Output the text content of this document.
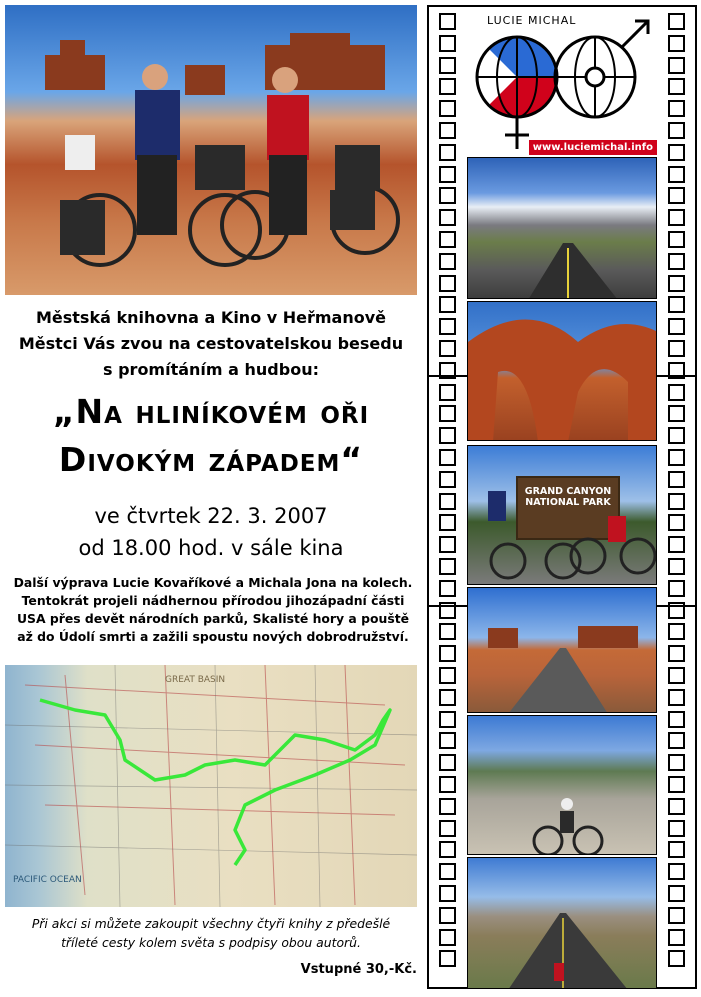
Městská knihovna a Kino v Heřmanově
Městci Vás zvou na cestovatelskou besedu
s promítáním a hudbou:
„Na hliníkovém oři
Divokým západem“
ve čtvrtek 22. 3. 2007
od 18.00 hod. v sále kina
Další výprava Lucie Kovaříkové a Michala Jona na kolech.
Tentokrát projeli nádhernou přírodou jihozápadní části
USA přes devět národních parků, Skalisté hory a pouště
až do Údolí smrti a zažili spoustu nových dobrodružství.
GREAT BASIN
PACIFIC OCEAN
Při akci si můžete zakoupit všechny čtyři knihy z předešlé
tříleté cesty kolem světa s podpisy obou autorů.
Vstupné 30,-Kč.
LUCIE MICHAL
www.luciemichal.info
GRAND CANYON
NATIONAL PARK
